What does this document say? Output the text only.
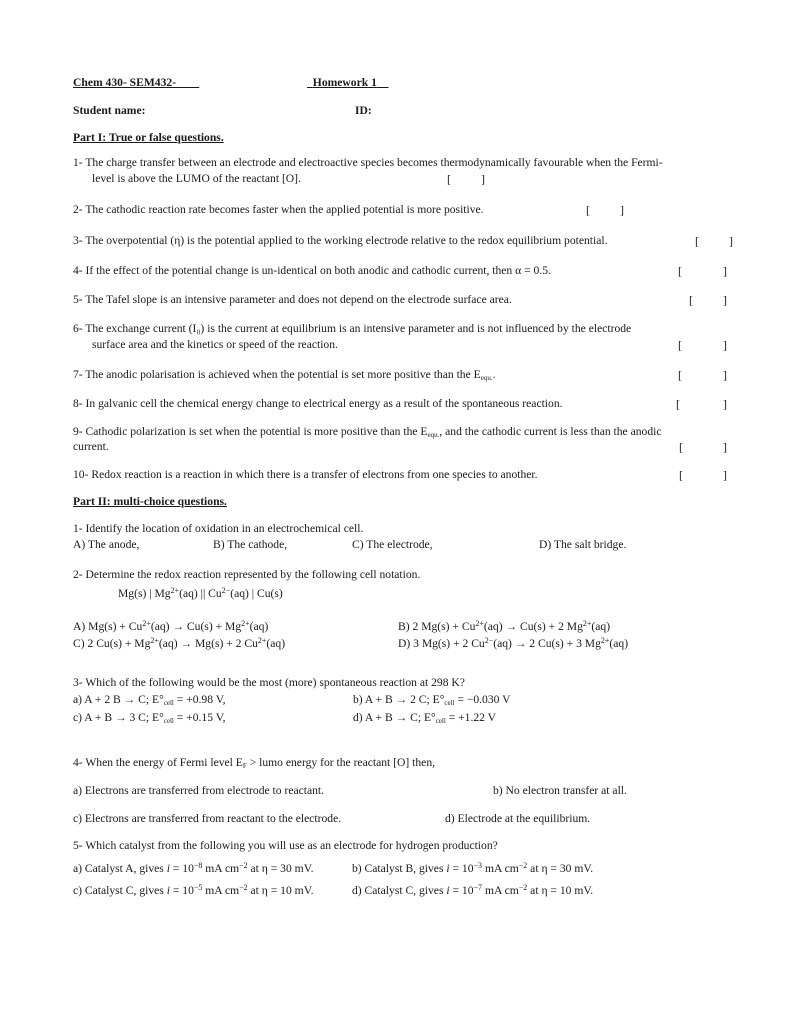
Chem 430- SEM432-	Homework 1
Student name:	ID:
Part I: True or false questions.
1- The charge transfer between an electrode and electroactive species becomes thermodynamically favourable when the Fermi-
level is above the LUMO of the reactant [O].	[	]
2- The cathodic reaction rate becomes faster when the applied potential is more positive.	[	]
3- The overpotential (η) is the potential applied to the working electrode relative to the redox equilibrium potential.	[	]
4- If the effect of the potential change is un-identical on both anodic and cathodic current, then α = 0.5.	[	]
5- The Tafel slope is an intensive parameter and does not depend on the electrode surface area.	[	]
6- The exchange current (I₀) is the current at equilibrium is an intensive parameter and is not influenced by the electrode
surface area and the kinetics or speed of the reaction.	[	]
7- The anodic polarisation is achieved when the potential is set more positive than the $E_{equ.}$.	[	]
8- In galvanic cell the chemical energy change to electrical energy as a result of the spontaneous reaction.	[	]
9- Cathodic polarization is set when the potential is more positive than the $E_{equ.}$, and the cathodic current is less than the anodic
current.	[	]
10- Redox reaction is a reaction in which there is a transfer of electrons from one species to another.	[	]
Part II: multi-choice questions.
1- Identify the location of oxidation in an electrochemical cell.
A) The anode,	B) The cathode,	C) The electrode,	D) The salt bridge.
2- Determine the redox reaction represented by the following cell notation.
Mg(s) | $Mg^{2+}(aq)$ || $Cu^{2-}(aq)$ | Cu(s)
A) $Mg(s) + Cu^{2+}(aq) \to Cu(s) + Mg^{2+}(aq)$	B) 2 $Mg(s) + Cu^{2+}(aq) \to Cu(s) + 2$ $Mg^{2+}(aq)$
C) 2 $Cu(s) + Mg^{2+}(aq) \to Mg(s) + 2$ $Cu^{2+}(aq)$	D) 3 Mg(s) + 2 $Cu^{2-}(aq) \to 2$ Cu(s) + 3 $Mg^{2+}(aq)$
3- Which of the following would be the most (more) spontaneous reaction at 298 K?
a) A + 2 B → C; $E^\circ_{cell} = +0.98$ V,	b) A + B → 2 C; $E^\circ_{cell} = -0.030$ V
c) A + B → 3 C; $E^\circ_{cell} = +0.15$ V,	d) A + B → C; $E^\circ_{cell} = +1.22$ V
4- When the energy of Fermi level $E_F$ > lumo energy for the reactant [O] then,
a) Electrons are transferred from electrode to reactant.	b) No electron transfer at all.
c) Electrons are transferred from reactant to the electrode.	d) Electrode at the equilibrium.
5- Which catalyst from the following you will use as an electrode for hydrogen production?
a) Catalyst A, gives $i = 10^{-8}$ mA $cm^{-2}$ at η = 30 mV.	b) Catalyst B, gives $i = 10^{-3}$ mA $cm^{-2}$ at η = 30 mV.
c) Catalyst C, gives $i = 10^{-5}$ mA $cm^{-2}$ at η = 10 mV.	d) Catalyst C, gives $i = 10^{-7}$ mA $cm^{-2}$ at η = 10 mV.
